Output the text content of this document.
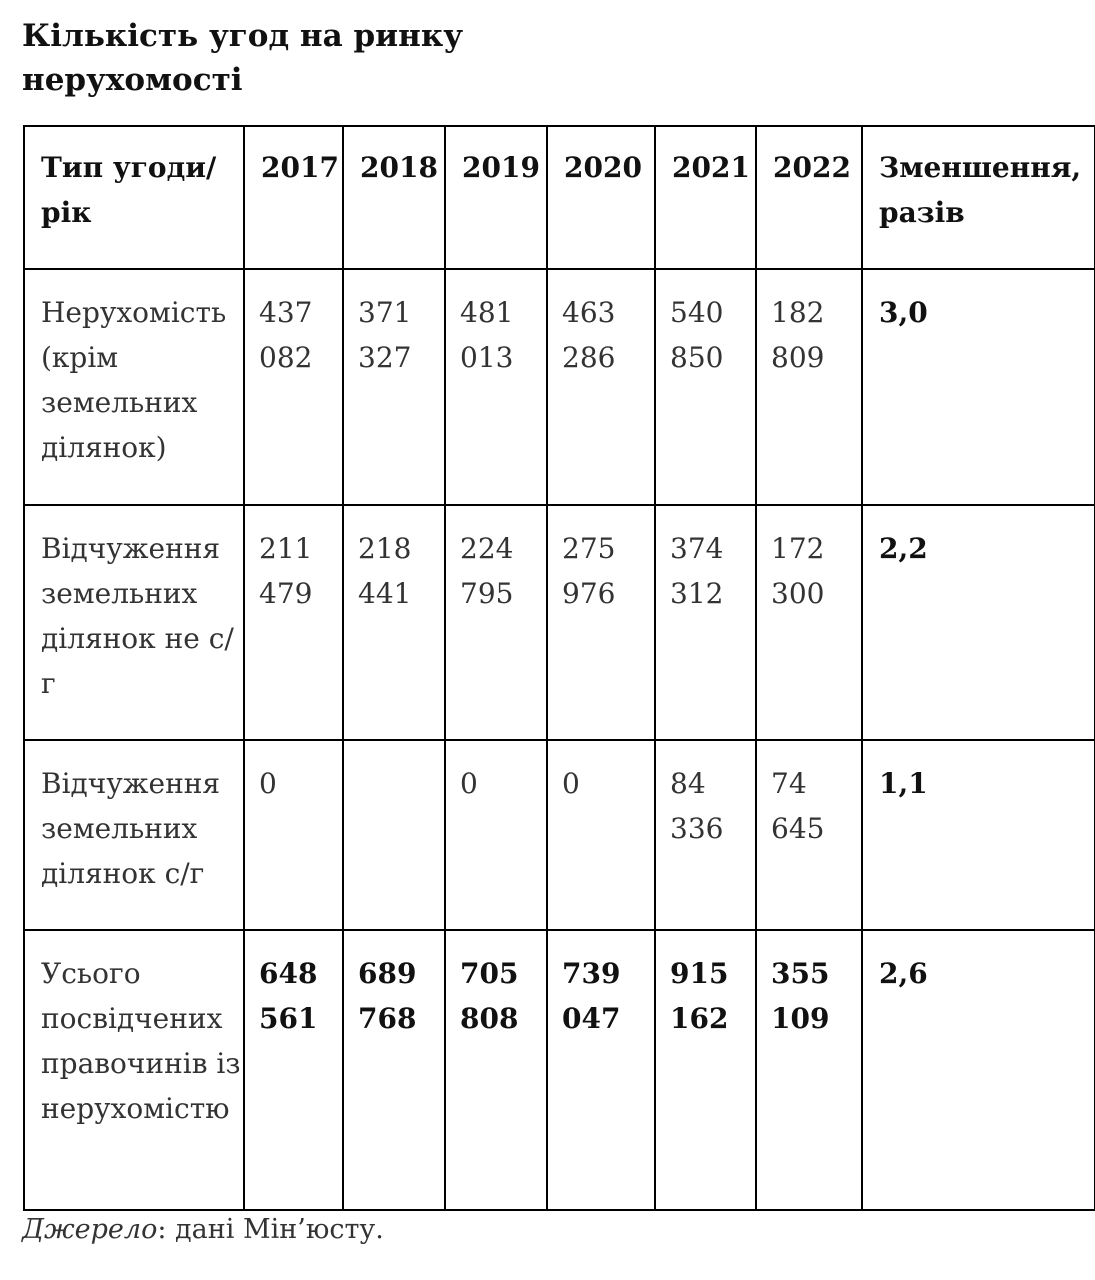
Кількість угод на ринку нерухомості
Тип угоди/рік	2017	2018	2019	2020	2021	2022	Зменшення, разів
Нерухомість (крім земельних ділянок)	437 082	371 327	481 013	463 286	540 850	182 809	3,0
Відчуження земельних ділянок не с/г	211 479	218 441	224 795	275 976	374 312	172 300	2,2
Відчуження земельних ділянок с/г	0		0	0	84 336	74 645	1,1
Усього посвідчених правочинів із нерухомістю	648 561	689 768	705 808	739 047	915 162	355 109	2,6
Джерело: дані Мін’юсту.
